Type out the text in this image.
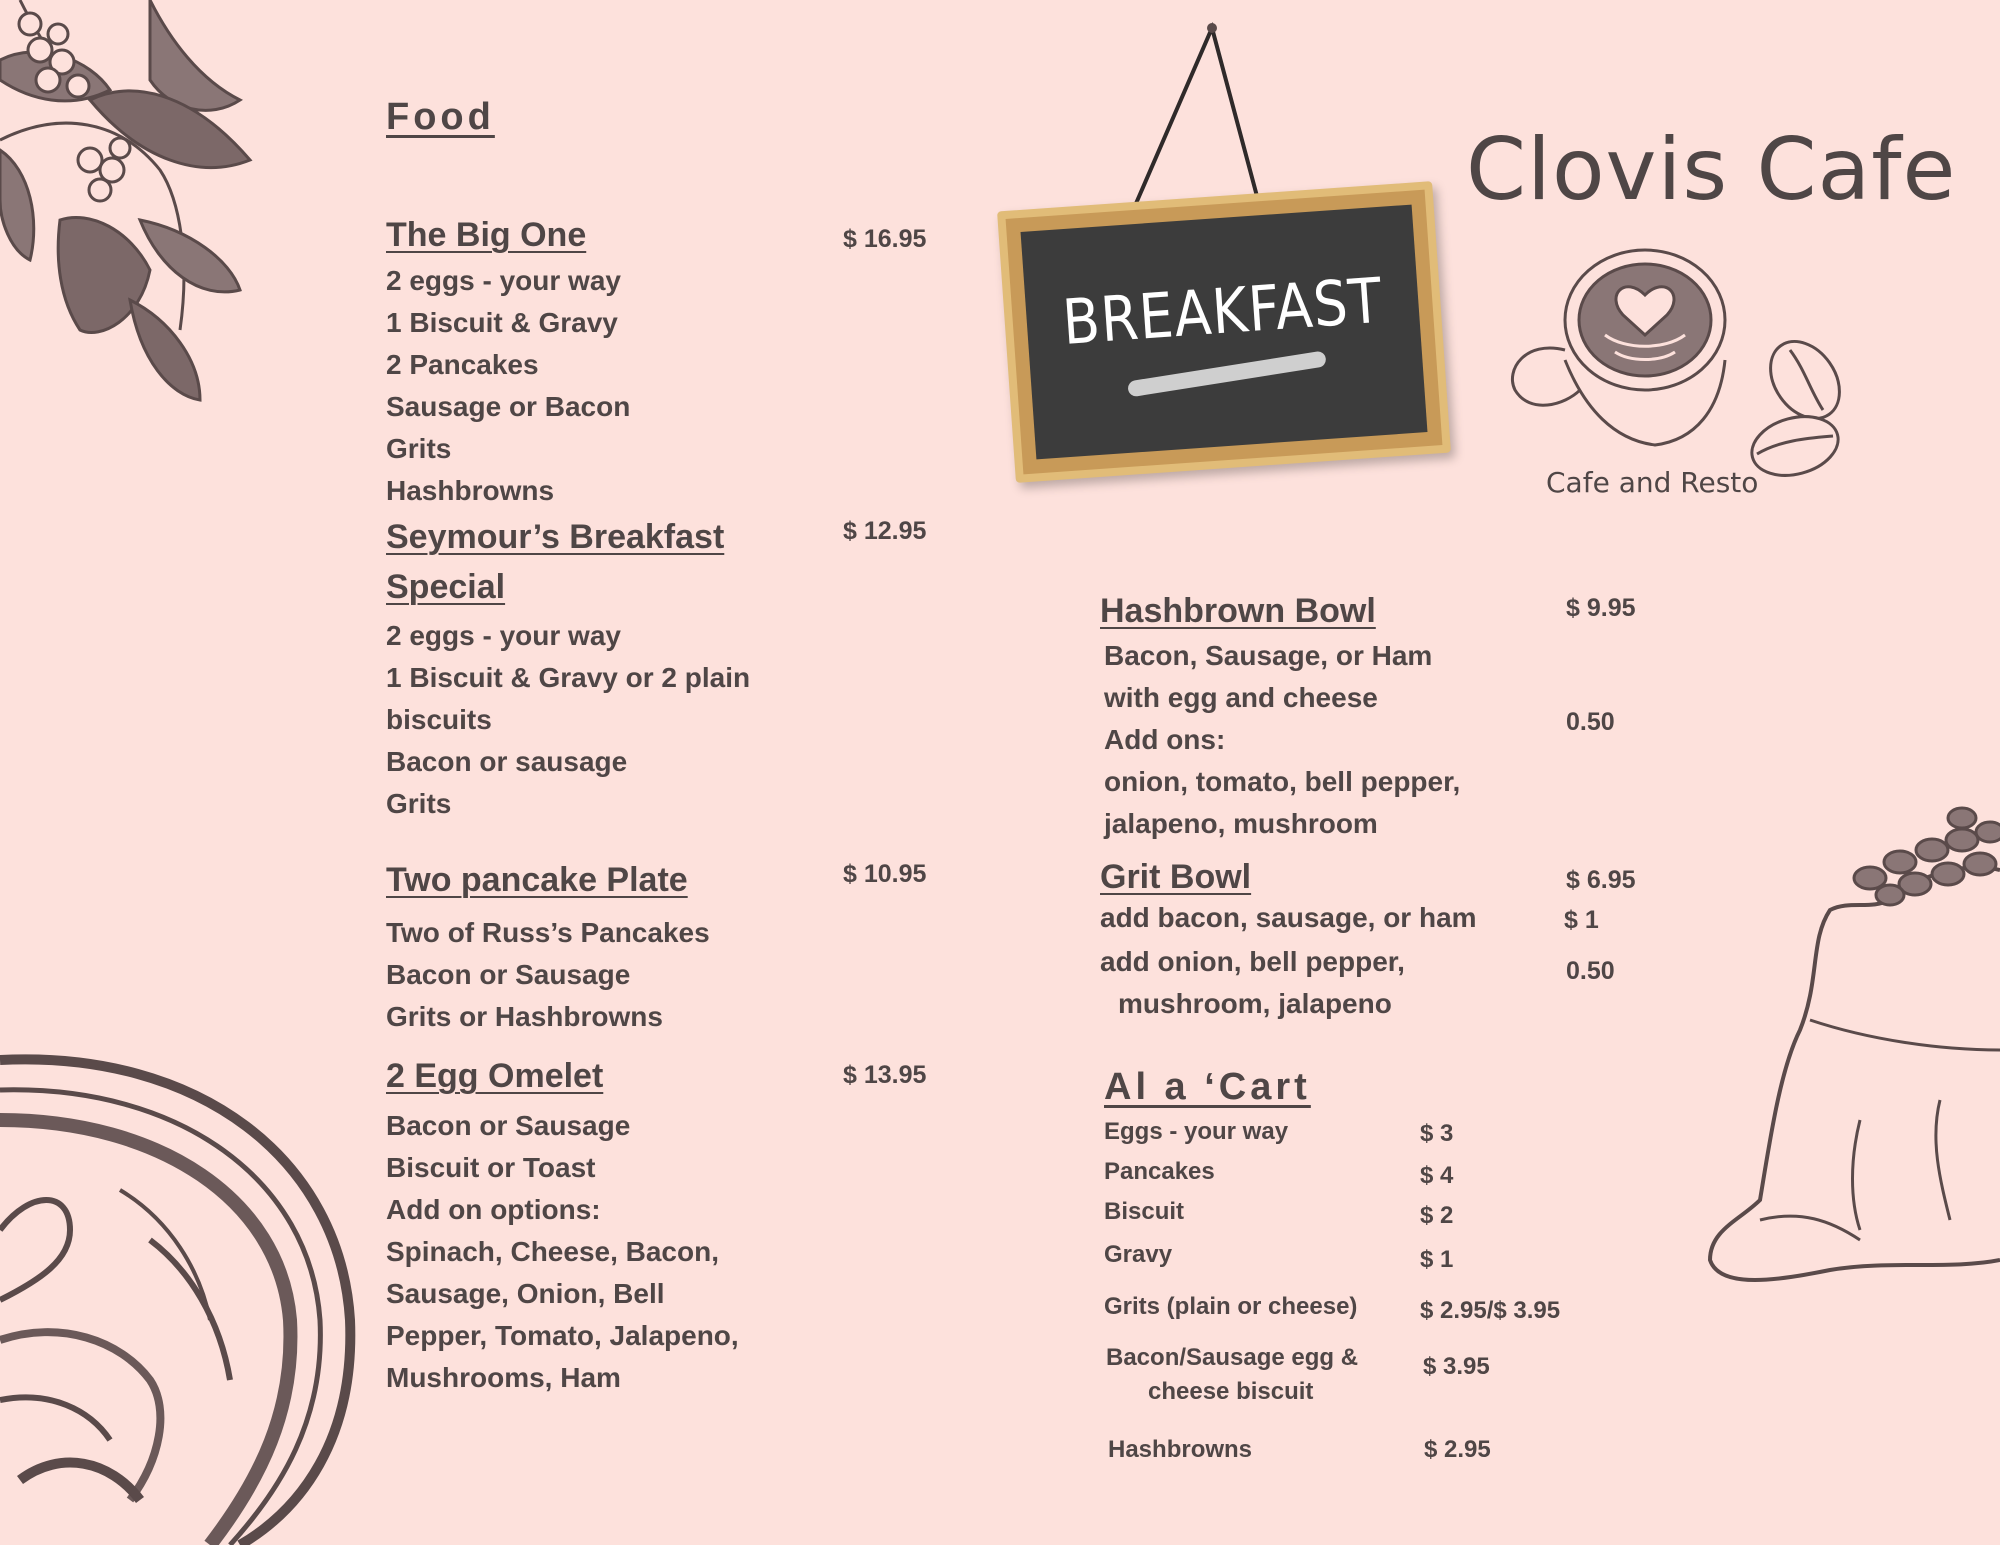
BREAKFAST
Clovis Cafe
Cafe and Resto
Food
The Big One	$ 16.95
2 eggs - your way
1 Biscuit & Gravy
2 Pancakes
Sausage or Bacon
Grits
Hashbrowns
Seymour’s Breakfast
Special
$ 12.95
2 eggs - your way
1 Biscuit & Gravy or 2 plain
biscuits
Bacon or sausage
Grits
Two pancake Plate	$ 10.95
Two of Russ’s Pancakes
Bacon or Sausage
Grits or Hashbrowns
2 Egg Omelet	$ 13.95
Bacon or Sausage
Biscuit or Toast
Add on options:
Spinach, Cheese, Bacon,
Sausage, Onion, Bell
Pepper, Tomato, Jalapeno,
Mushrooms, Ham
Hashbrown Bowl	$ 9.95
Bacon, Sausage, or Ham
with egg and cheese
Add ons:
0.50
onion, tomato, bell pepper,
jalapeno, mushroom
Grit Bowl	$ 6.95
add bacon, sausage, or ham	$ 1
add onion, bell pepper,	0.50
mushroom, jalapeno
Al a ‘Cart
Eggs - your way	$ 3
Pancakes	$ 4
Biscuit	$ 2
Gravy	$ 1
Grits (plain or cheese)	$ 2.95/$ 3.95
Bacon/Sausage egg &
cheese biscuit
$ 3.95
Hashbrowns	$ 2.95
